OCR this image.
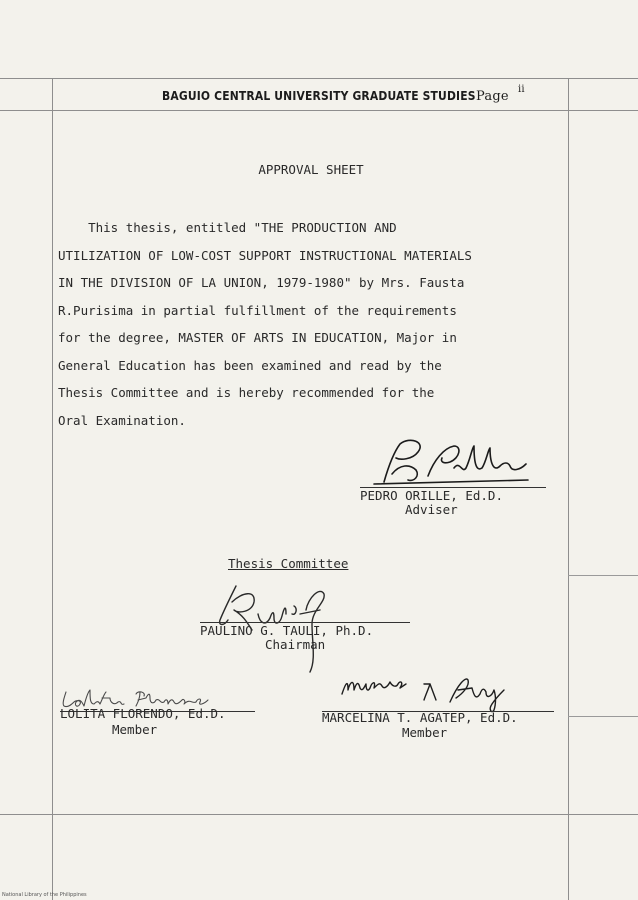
BAGUIO CENTRAL UNIVERSITY GRADUATE STUDIES Page ii
APPROVAL SHEET
This thesis, entitled "THE PRODUCTION AND
UTILIZATION OF LOW-COST SUPPORT INSTRUCTIONAL MATERIALS
IN THE DIVISION OF LA UNION, 1979-1980" by Mrs. Fausta
R.Purisima in partial fulfillment of the requirements
for the degree, MASTER OF ARTS IN EDUCATION, Major in
General Education has been examined and read by the
Thesis Committee and is hereby recommended for the
Oral Examination.
PEDRO ORILLE, Ed.D.
Adviser
Thesis Committee
PAULINO G. TAULI, Ph.D.
Chairman
LOLITA FLORENDO, Ed.D.
Member
MARCELINA T. AGATEP, Ed.D.
Member
National Library of the Philippines
